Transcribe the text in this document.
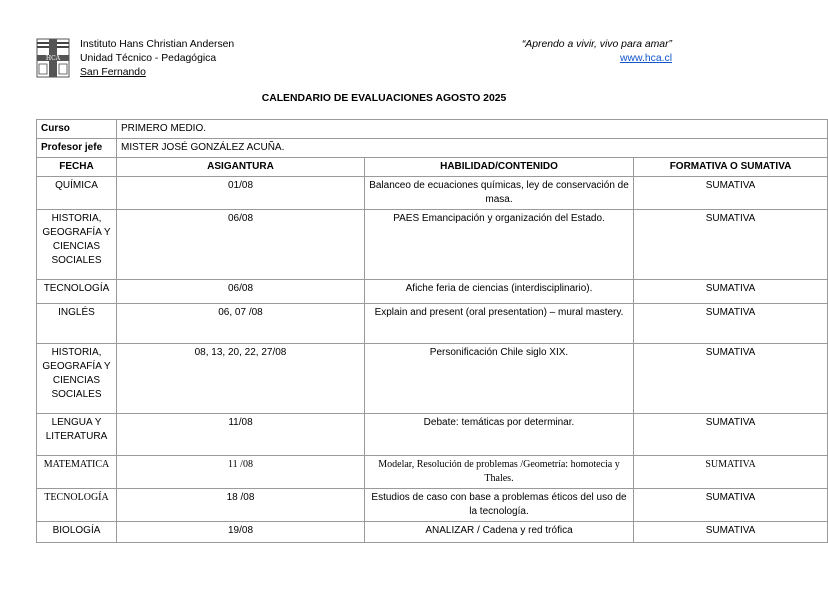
HCA
Instituto Hans Christian Andersen
Unidad Técnico - Pedagógica
San Fernando
“Aprendo a vivir, vivo para amar”
www.hca.cl
CALENDARIO DE EVALUACIONES AGOSTO 2025
Curso	PRIMERO MEDIO.		
Profesor jefe	MISTER JOSÉ GONZÁLEZ ACUÑA.		
FECHA	ASIGANTURA	HABILIDAD/CONTENIDO	FORMATIVA O SUMATIVA
QUÍMICA	01/08	Balanceo de ecuaciones químicas, ley de conservación de masa.	SUMATIVA
HISTORIA, GEOGRAFÍA Y CIENCIAS SOCIALES	06/08	PAES Emancipación y organización del Estado.	SUMATIVA
TECNOLOGÍA	06/08	Afiche feria de ciencias (interdisciplinario).	SUMATIVA
INGLÉS	06, 07 /08	Explain and present (oral presentation) – mural mastery.	SUMATIVA
HISTORIA, GEOGRAFÍA Y CIENCIAS SOCIALES	08, 13, 20, 22, 27/08	Personificación Chile siglo XIX.	SUMATIVA
LENGUA Y LITERATURA	11/08	Debate: temáticas por determinar.	SUMATIVA
MATEMATICA	11 /08	Modelar, Resolución de problemas /Geometría: homotecia y Thales.	SUMATIVA
TECNOLOGÍA	18 /08	Estudios de caso con base a problemas éticos del uso de la tecnología.	SUMATIVA
BIOLOGÍA	19/08	ANALIZAR / Cadena y red trófica	SUMATIVA
